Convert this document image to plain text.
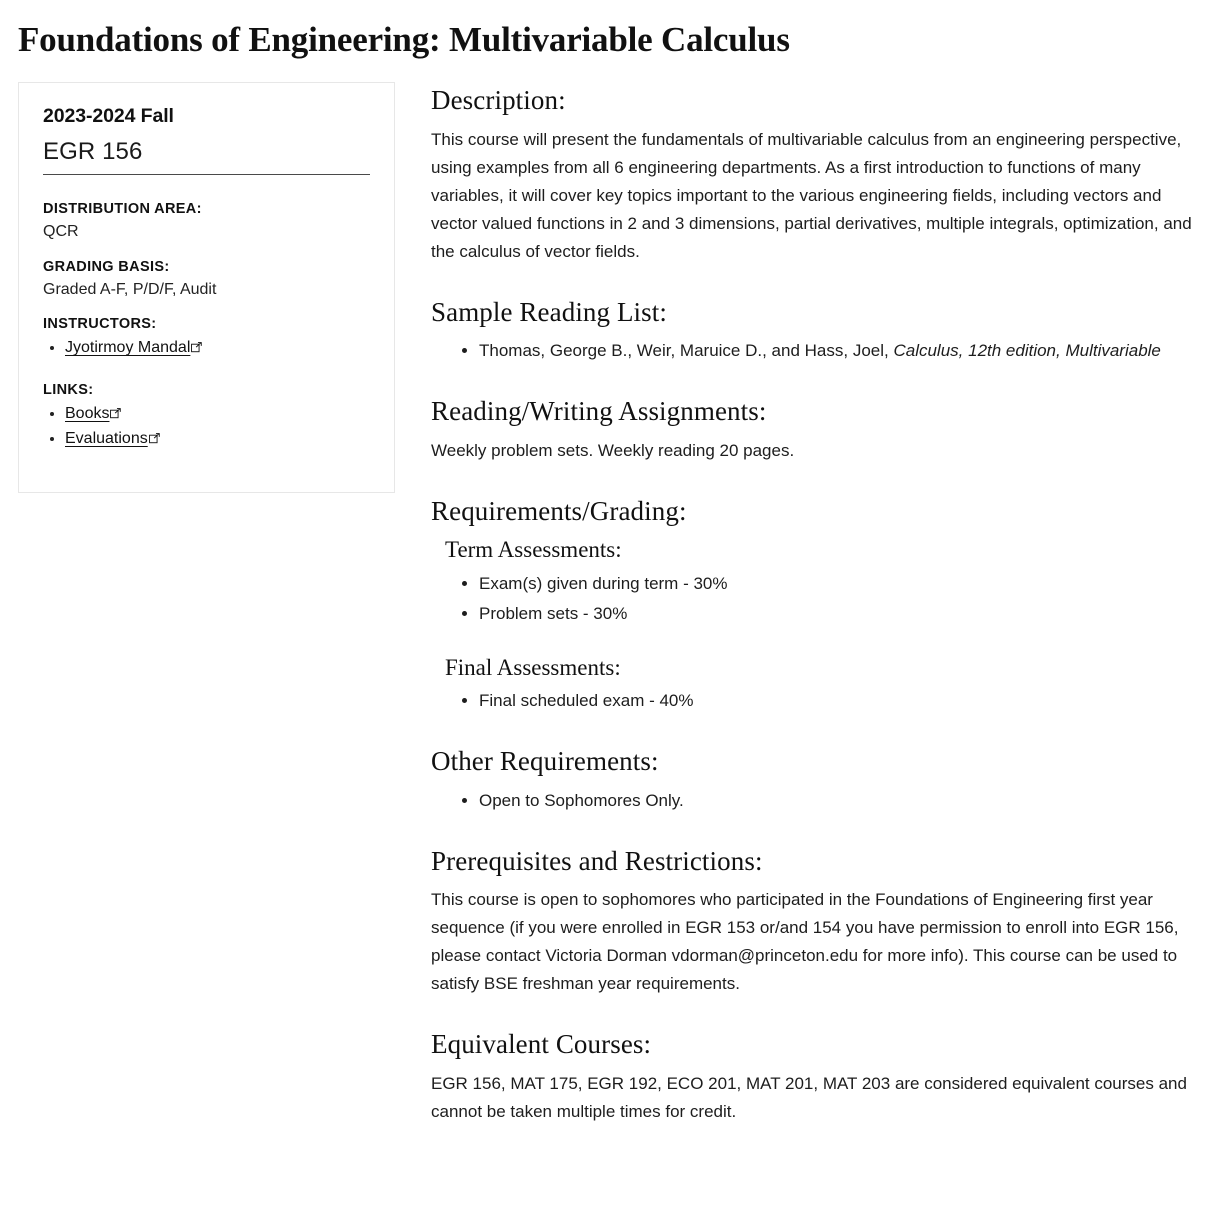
Foundations of Engineering: Multivariable Calculus
2023-2024 Fall
EGR 156
DISTRIBUTION AREA:
QCR
GRADING BASIS:
Graded A-F, P/D/F, Audit
INSTRUCTORS:
• Jyotirmoy Mandal
LINKS:
• Books
• Evaluations
Description:

This course will present the fundamentals of multivariable calculus from an engineering perspective, using examples from all 6 engineering departments. As a first introduction to functions of many variables, it will cover key topics important to the various engineering fields, including vectors and vector valued functions in 2 and 3 dimensions, partial derivatives, multiple integrals, optimization, and the calculus of vector fields.

Sample Reading List:
• Thomas, George B., Weir, Maruice D., and Hass, Joel, Calculus, 12th edition, Multivariable
Reading/Writing Assignments:

Weekly problem sets. Weekly reading 20 pages.

Requirements/Grading:
Term Assessments:
• Exam(s) given during term - 30%
• Problem sets - 30%
Final Assessments:
• Final scheduled exam - 40%
Other Requirements:
• Open to Sophomores Only.
Prerequisites and Restrictions:

This course is open to sophomores who participated in the Foundations of Engineering first year sequence (if you were enrolled in EGR 153 or/and 154 you have permission to enroll into EGR 156, please contact Victoria Dorman vdorman@princeton.edu for more info). This course can be used to satisfy BSE freshman year requirements.

Equivalent Courses:

EGR 156, MAT 175, EGR 192, ECO 201, MAT 201, MAT 203 are considered equivalent courses and cannot be taken multiple times for credit.
